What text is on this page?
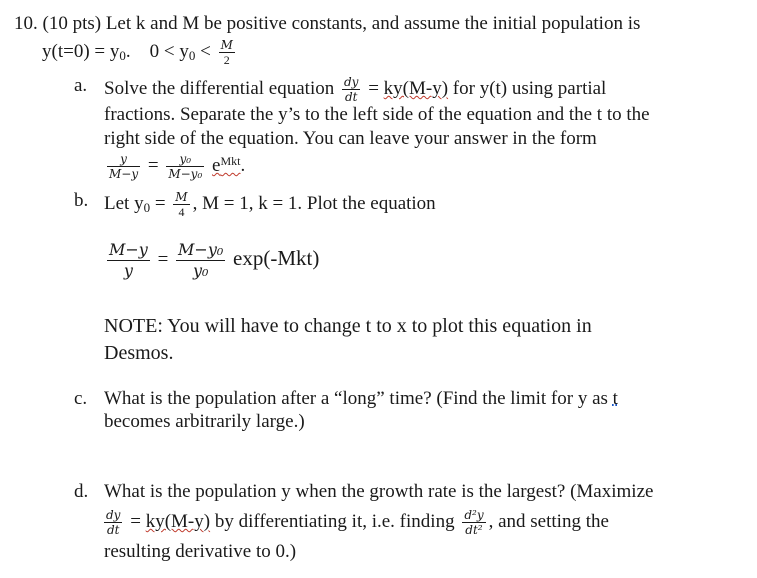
10. (10 pts) Let k and M be positive constants, and assume the initial population is
$y(t=0) = y_0$.    $0 < y_0 < \frac{M}{2}$
a. Solve the differential equation $\frac{dy}{dt} = ky(M-y)$ for y(t) using partial
fractions. Separate the y’s to the left side of the equation and the t to the
right side of the equation. You can leave your answer in the form
$\frac{y}{M-y} = \frac{\text{y₀}}{\text{M−y₀}} e^{Mkt}$.
b. Let $y_0 = \frac{M}{4}$ , M = 1, k = 1. Plot the equation
$\frac{M-y}{y} = \frac{\text{M−y₀}}{\text{y₀}} \exp(-Mkt)$
NOTE: You will have to change t to x to plot this equation in
Desmos.
c. What is the population after a “long” time? (Find the limit for y as t
becomes arbitrarily large.)
d. What is the population y when the growth rate is the largest? (Maximize
$\frac{dy}{dt} = ky(M-y)$ by differentiating it, i.e. finding $\frac{\text{d²y}}{\text{dt²}}$ , and setting the
resulting derivative to 0.)
